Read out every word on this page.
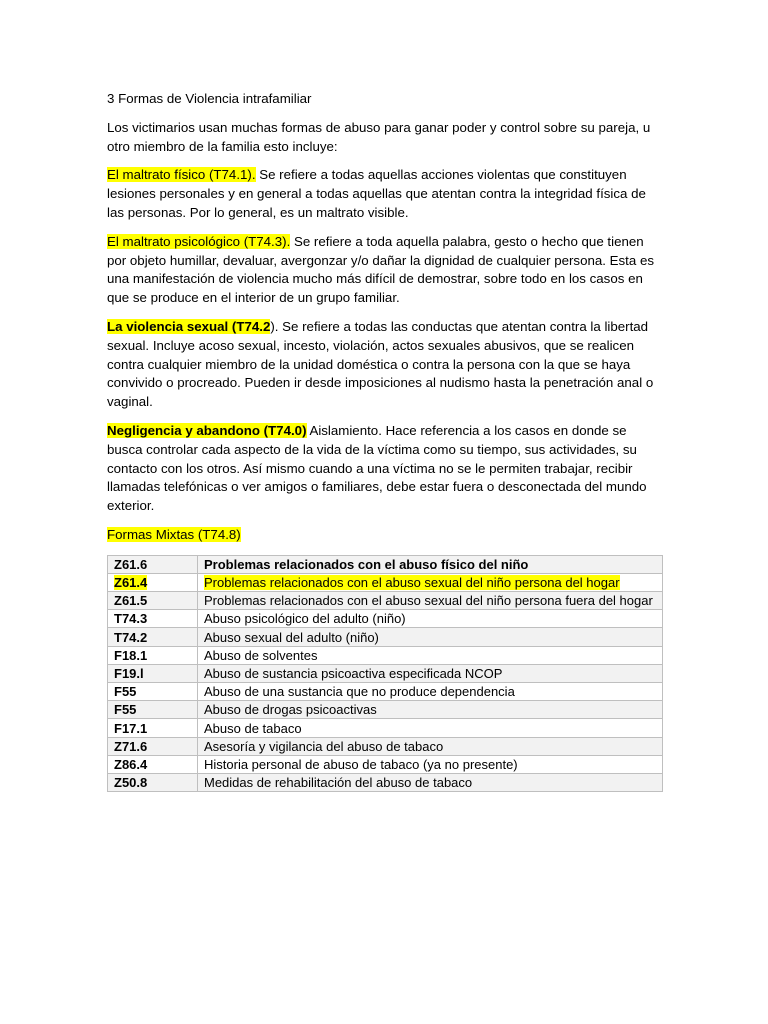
3 Formas de Violencia intrafamiliar

Los victimarios usan muchas formas de abuso para ganar poder y control sobre su pareja, u otro miembro de la familia esto incluye:

El maltrato físico (T74.1). Se refiere a todas aquellas acciones violentas que constituyen lesiones personales y en general a todas aquellas que atentan contra la integridad física de las personas. Por lo general, es un maltrato visible.

El maltrato psicológico (T74.3). Se refiere a toda aquella palabra, gesto o hecho que tienen por objeto humillar, devaluar, avergonzar y/o dañar la dignidad de cualquier persona. Esta es una manifestación de violencia mucho más difícil de demostrar, sobre todo en los casos en que se produce en el interior de un grupo familiar.

La violencia sexual (T74.2). Se refiere a todas las conductas que atentan contra la libertad sexual. Incluye acoso sexual, incesto, violación, actos sexuales abusivos, que se realicen contra cualquier miembro de la unidad doméstica o contra la persona con la que se haya convivido o procreado. Pueden ir desde imposiciones al nudismo hasta la penetración anal o vaginal.

Negligencia y abandono (T74.0) Aislamiento. Hace referencia a los casos en donde se busca controlar cada aspecto de la vida de la víctima como su tiempo, sus actividades, su contacto con los otros. Así mismo cuando a una víctima no se le permiten trabajar, recibir llamadas telefónicas o ver amigos o familiares, debe estar fuera o desconectada del mundo exterior.

Formas Mixtas (T74.8)

Z61.6	Problemas relacionados con el abuso físico del niño
Z61.4	Problemas relacionados con el abuso sexual del niño persona del hogar
Z61.5	Problemas relacionados con el abuso sexual del niño persona fuera del hogar
T74.3	Abuso psicológico del adulto (niño)
T74.2	Abuso sexual del adulto (niño)
F18.1	Abuso de solventes
F19.l	Abuso de sustancia psicoactiva especificada NCOP
F55	Abuso de una sustancia que no produce dependencia
F55	Abuso de drogas psicoactivas
F17.1	Abuso de tabaco
Z71.6	Asesoría y vigilancia del abuso de tabaco
Z86.4	Historia personal de abuso de tabaco (ya no presente)
Z50.8	Medidas de rehabilitación del abuso de tabaco
